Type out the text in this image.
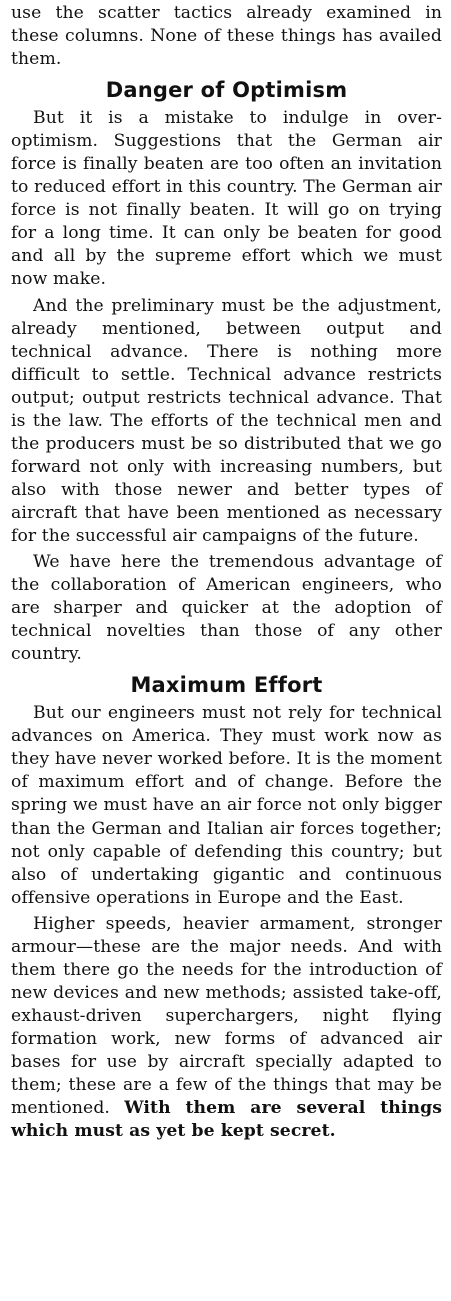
use the scatter tactics already examined in these columns. None of these things has availed them.

Danger of Optimism

But it is a mistake to indulge in over-optimism. Suggestions that the German air force is finally beaten are too often an invitation to reduced effort in this country. The German air force is not finally beaten. It will go on trying for a long time. It can only be beaten for good and all by the supreme effort which we must now make.

And the preliminary must be the adjustment, already mentioned, between output and technical advance. There is nothing more difficult to settle. Technical advance restricts output; output restricts technical advance. That is the law. The efforts of the technical men and the producers must be so distributed that we go forward not only with increasing numbers, but also with those newer and better types of aircraft that have been mentioned as necessary for the successful air campaigns of the future.

We have here the tremendous advantage of the collaboration of American engineers, who are sharper and quicker at the adoption of technical novelties than those of any other country.

Maximum Effort

But our engineers must not rely for technical advances on America. They must work now as they have never worked before. It is the moment of maximum effort and of change. Before the spring we must have an air force not only bigger than the German and Italian air forces together; not only capable of defending this country; but also of undertaking gigantic and continuous offensive operations in Europe and the East.

Higher speeds, heavier armament, stronger armour—these are the major needs. And with them there go the needs for the introduction of new devices and new methods; assisted take-off, exhaust-driven superchargers, night flying formation work, new forms of advanced air bases for use by aircraft specially adapted to them; these are a few of the things that may be mentioned. With them are several things which must as yet be kept secret.
